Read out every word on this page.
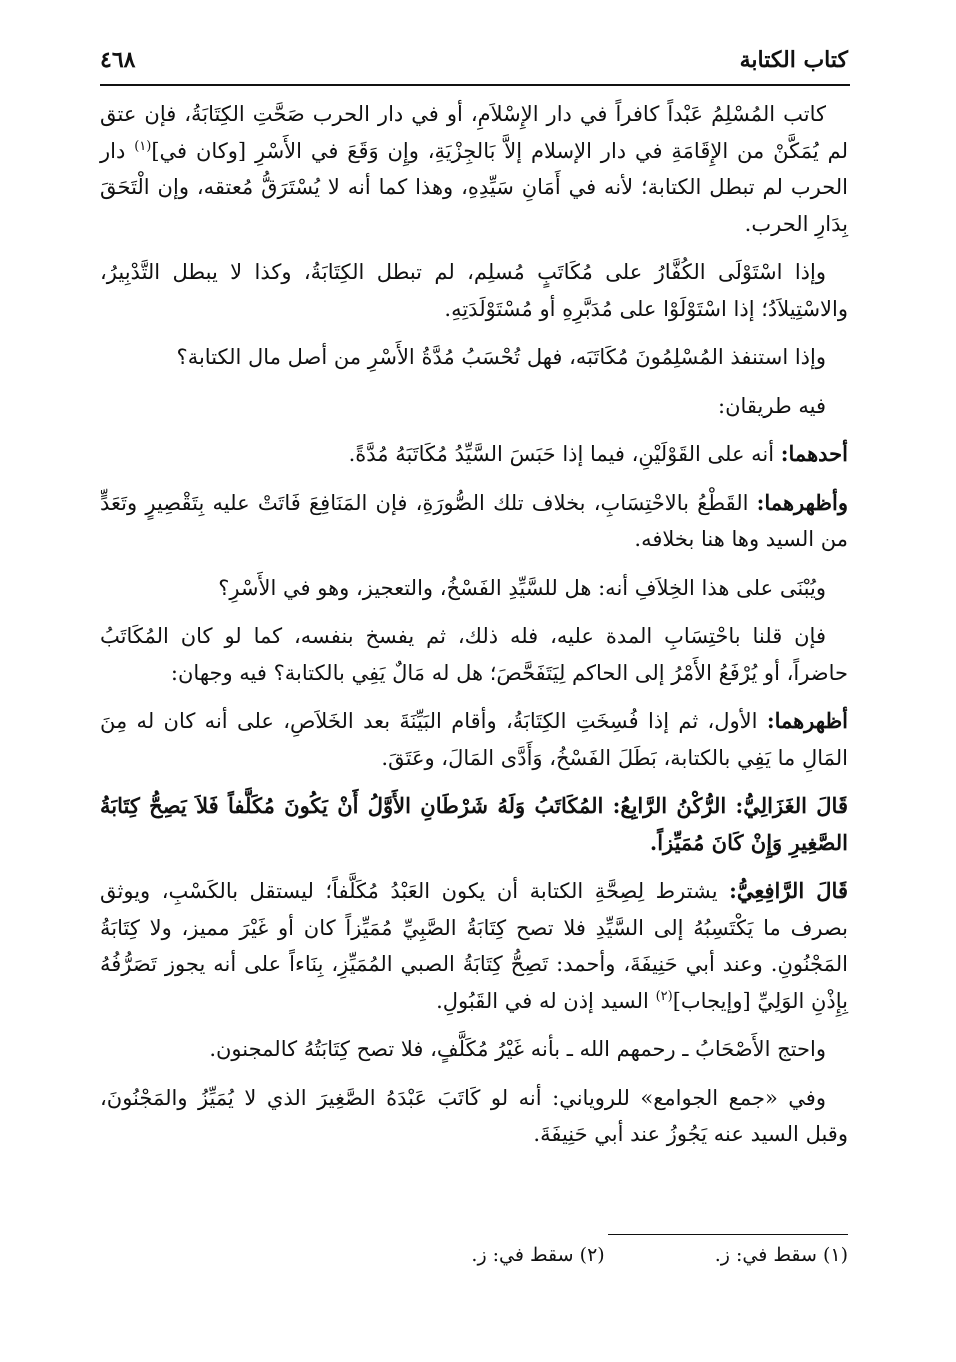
كتاب الكتابة
٤٦٨

كاتب المُسْلِمُ عَبْداً كافراً في دار الإِسْلاَمِ، أو في دار الحرب صَحَّتِ الكِتَابَةُ، فإن عتق لم يُمَكَّنْ من الإِقَامَةِ في دار الإسلام إلاَّ بَالجِزْيَةِ، وإِن وَقَعَ في الأَسْرِ [وكان في]$^{(١)}$ دار الحرب لم تبطل الكتابة؛ لأنه في أَمَانِ سَيِّدِهِ، وهذا كما أنه لا يُسْتَرَقُّ مُعتقه، وإن الْتَحَقَ بِدَارِ الحرب.

وإذا اسْتَوْلَى الكُفَّارُ على مُكَاتَبٍ مُسلِم، لم تبطل الكِتَابَةُ، وكذا لا يبطل التَّدْبِيرُ، والاسْتِيلاَدُ؛ إذا اسْتَوْلَوْا على مُدَبَّرِهِ أو مُسْتَوْلَدَتِهِ.

وإذا استنفذ المُسْلِمُونَ مُكَاتَبَه، فهل تُحْسَبُ مُدَّةُ الأَسْرِ من أصل مال الكتابة؟

فيه طريقان:

أحدهما: أنه على القَوْلَيْنِ، فيما إذا حَبَسَ السَّيِّدُ مُكَاتَبَهُ مُدَّةً.

وأظهرهما: القَطْعُ بالاحْتِسَابِ، بخلاف تلك الصُّورَةِ، فإن المَنَافِعَ فَاتَتْ عليه بِتَقْصِيرٍ وتَعَدٍّ من السيد وها هنا بخلافه.

ويُبْنَى على هذا الخِلاَفِ أنه: هل للسَّيِّدِ الفَسْخُ، والتعجيز، وهو في الأَسْرِ؟

فإن قلنا باحْتِسَابِ المدة عليه، فله ذلك، ثم يفسخ بنفسه، كما لو كان المُكَاتَبُ حاضراً، أو يُرْفَعُ الأَمْرُ إلى الحاكم لِيَتَفَحَّصَ؛ هل له مَالٌ يَفِي بالكتابة؟ فيه وجهان:

أظهرهما: الأول، ثم إذا فُسِخَتِ الكِتَابَةُ، وأقام البَيِّنَةَ بعد الخَلاَصِ، على أنه كان له مِنَ المَالِ ما يَفِي بالكتابة، بَطَلَ الفَسْخُ، وَأَدَّى المَالَ، وعَتَقَ.

قَالَ الغَزَالِيُّ: الرُّكْنُ الرَّابِعُ: المُكَاتَبُ وَلَهُ شَرْطَانِ الأَوَّلُ أَنْ يَكُونَ مُكَلَّفاً فَلاَ يَصِحُّ كِتَابَةُ الصَّغِيرِ وَإِنْ كَانَ مُمَيِّزاً.

قَالَ الرَّافِعِيُّ: يشترط لِصِحَّةِ الكتابة أن يكون العَبْدُ مُكَلَّفاً؛ ليستقل بالكَسْبِ، ويوثق بصرف ما يَكْتَسِبُهُ إلى السَّيِّدِ فلا تصح كِتَابَةُ الصَّبِيِّ مُمَيِّزاً كان أو غَيْرَ مميز، ولا كِتَابَةُ المَجْنُونِ. وعند أبي حَنِيفَةَ، وأحمد: تَصِحُّ كِتَابَةُ الصبي المُمَيِّزِ، بِنَاءاً على أنه يجوز تَصَرُّفُهُ بِإِذْنِ الوَلِيِّ [وإيجاب]$^{(٢)}$ السيد إذن له في القَبُولِ.

واحتج الأَصْحَابُ ـ رحمهم الله ـ بأنه غَيْرُ مُكَلَّفٍ، فلا تصح كِتَابَتُهُ كالمجنون.

وفي «جمع الجوامع» للروياني: أنه لو كَاتَبَ عَبْدَهُ الصَّغِيرَ الذي لا يُمَيِّزُ والمَجْنُونَ، وقبل السيد عنه يَجُوزُ عند أبي حَنِيفَةَ.

(١) سقط في: ز.
(٢) سقط في: ز.
